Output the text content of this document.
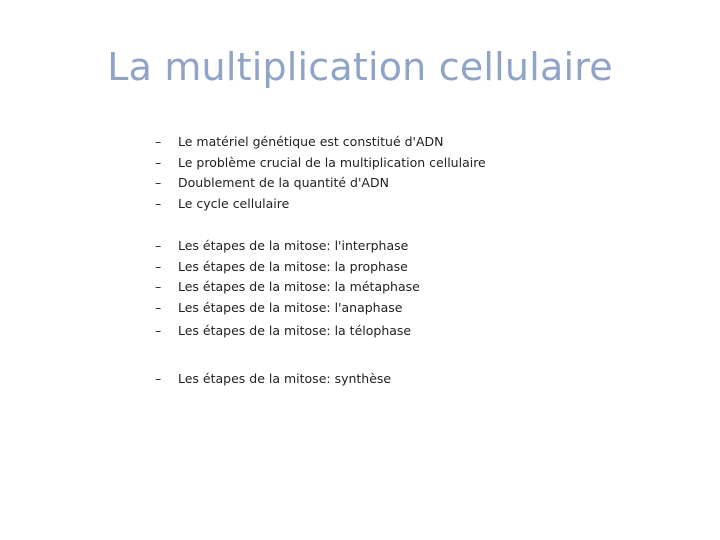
La multiplication cellulaire
–	Le matériel génétique est constitué d'ADN
–	Le problème crucial de la multiplication cellulaire
–	Doublement de la quantité d'ADN
–	Le cycle cellulaire
–	Les étapes de la mitose: l'interphase
–	Les étapes de la mitose: la prophase
–	Les étapes de la mitose: la métaphase
–	Les étapes de la mitose: l'anaphase
–	Les étapes de la mitose: la télophase
–	Les étapes de la mitose: synthèse
